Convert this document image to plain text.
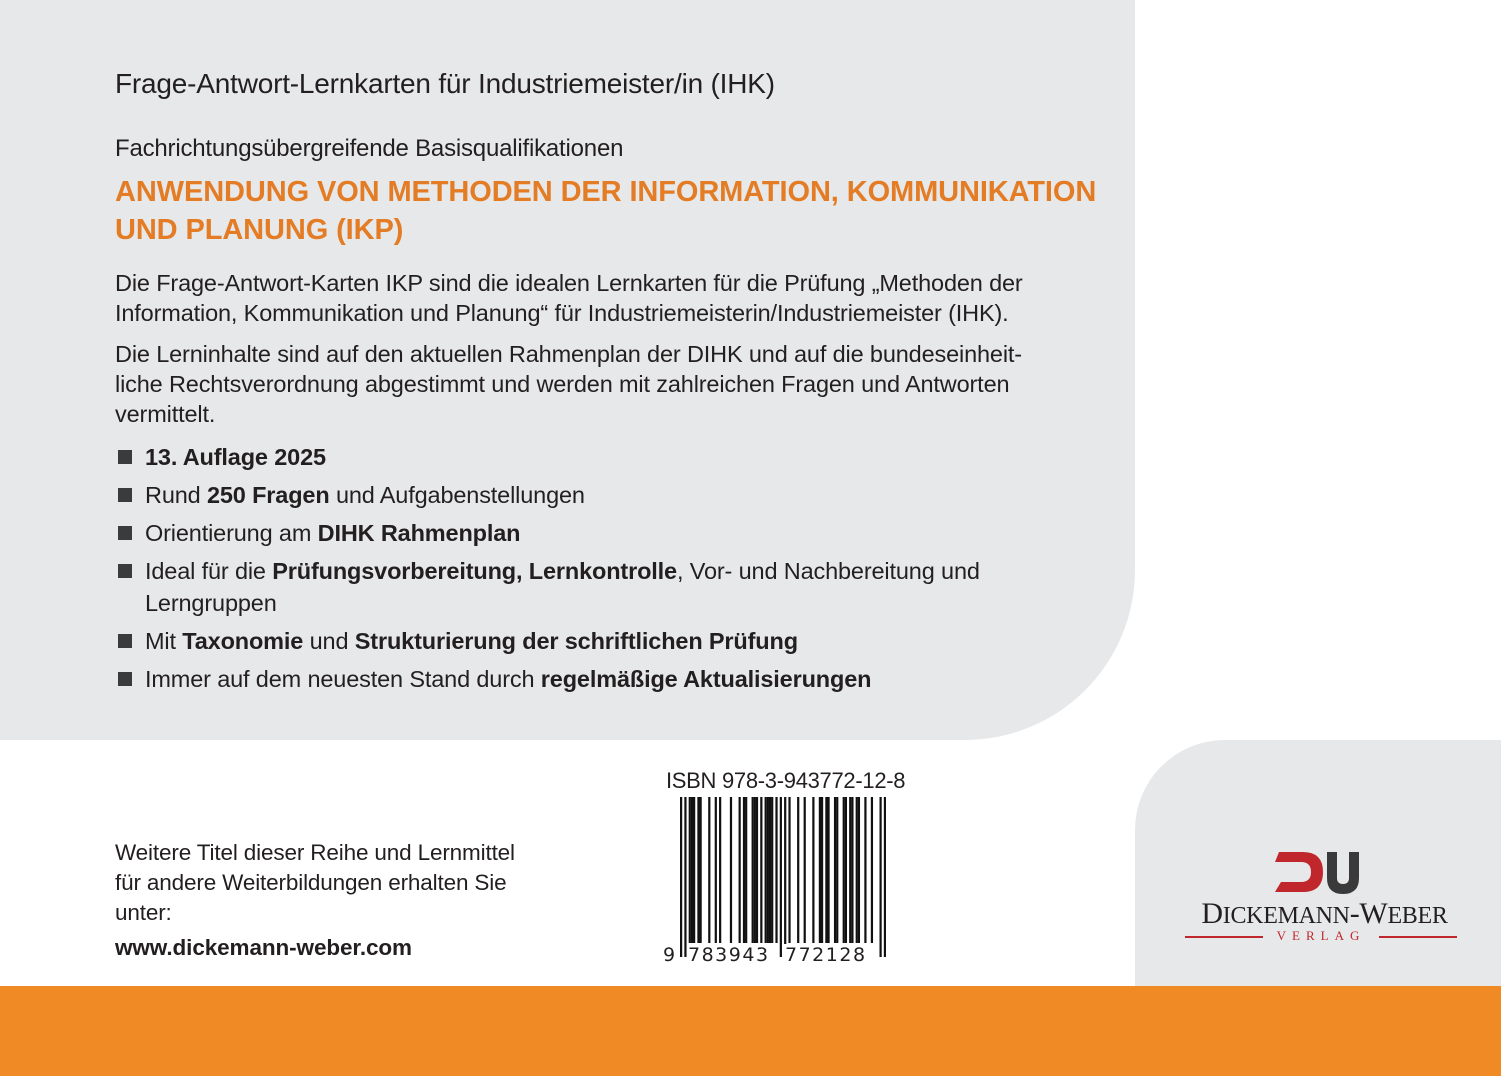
Frage-Antwort-Lernkarten für Industriemeister/in (IHK)

Fachrichtungsübergreifende Basisqualifikationen

ANWENDUNG VON METHODEN DER INFORMATION, KOMMUNIKATION
UND PLANUNG (IKP)

Die Frage-Antwort-Karten IKP sind die idealen Lernkarten für die Prüfung „Methoden der
Information, Kommunikation und Planung“ für Industriemeisterin/Industriemeister (IHK).

Die Lerninhalte sind auf den aktuellen Rahmenplan der DIHK und auf die bundeseinheit-
liche Rechtsverordnung abgestimmt und werden mit zahlreichen Fragen und Antworten
vermittelt.

13. Auflage 2025
Rund 250 Fragen und Aufgabenstellungen
Orientierung am DIHK Rahmenplan
Ideal für die Prüfungsvorbereitung, Lernkontrolle, Vor- und Nachbereitung und
Lerngruppen
Mit Taxonomie und Strukturierung der schriftlichen Prüfung
Immer auf dem neuesten Stand durch regelmäßige Aktualisierungen

Weitere Titel dieser Reihe und Lernmittel
für andere Weiterbildungen erhalten Sie
unter:

www.dickemann-weber.com

ISBN 978-3-943772-12-8

9 783943 772128

DICKEMANN-WEBER

VERLAG
